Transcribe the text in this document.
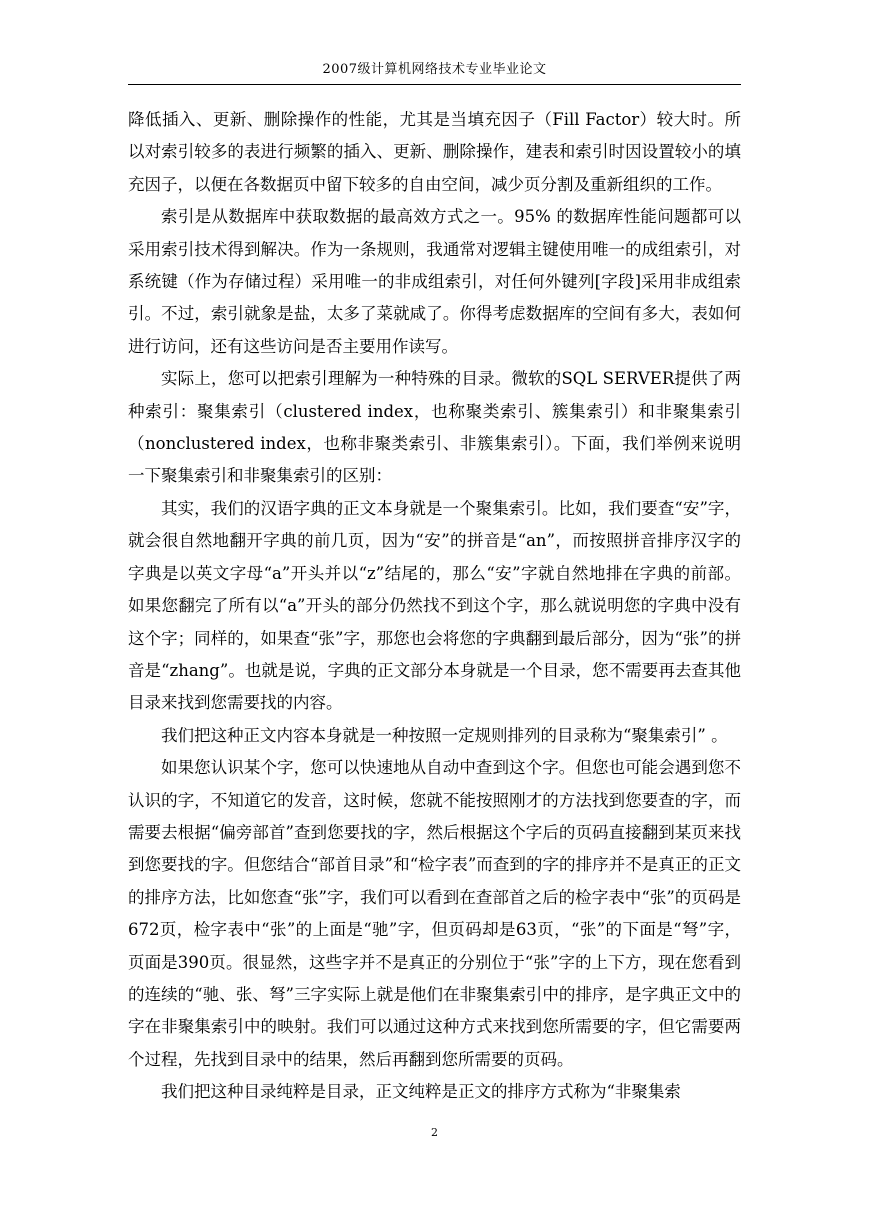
2007级计算机网络技术专业毕业论文

降低插入、更新、删除操作的性能，尤其是当填充因子（Fill Factor）较大时。所以对索引较多的表进行频繁的插入、更新、删除操作，建表和索引时因设置较小的填充因子，以便在各数据页中留下较多的自由空间，减少页分割及重新组织的工作。

索引是从数据库中获取数据的最高效方式之一。95% 的数据库性能问题都可以采用索引技术得到解决。作为一条规则，我通常对逻辑主键使用唯一的成组索引，对系统键（作为存储过程）采用唯一的非成组索引，对任何外键列[字段]采用非成组索引。不过，索引就象是盐，太多了菜就咸了。你得考虑数据库的空间有多大，表如何进行访问，还有这些访问是否主要用作读写。

实际上，您可以把索引理解为一种特殊的目录。微软的SQL SERVER提供了两种索引：聚集索引（clustered index，也称聚类索引、簇集索引）和非聚集索引（nonclustered index，也称非聚类索引、非簇集索引）。下面，我们举例来说明一下聚集索引和非聚集索引的区别：

其实，我们的汉语字典的正文本身就是一个聚集索引。比如，我们要查“安”字，就会很自然地翻开字典的前几页，因为“安”的拼音是“an”，而按照拼音排序汉字的字典是以英文字母“a”开头并以“z”结尾的，那么“安”字就自然地排在字典的前部。如果您翻完了所有以“a”开头的部分仍然找不到这个字，那么就说明您的字典中没有这个字；同样的，如果查“张”字，那您也会将您的字典翻到最后部分，因为“张”的拼音是“zhang”。也就是说，字典的正文部分本身就是一个目录，您不需要再去查其他目录来找到您需要找的内容。

我们把这种正文内容本身就是一种按照一定规则排列的目录称为“聚集索引” 。

如果您认识某个字，您可以快速地从自动中查到这个字。但您也可能会遇到您不认识的字，不知道它的发音，这时候，您就不能按照刚才的方法找到您要查的字，而需要去根据“偏旁部首”查到您要找的字，然后根据这个字后的页码直接翻到某页来找到您要找的字。但您结合“部首目录”和“检字表”而查到的字的排序并不是真正的正文的排序方法，比如您查“张”字，我们可以看到在查部首之后的检字表中“张”的页码是672页，检字表中“张”的上面是“驰”字，但页码却是63页，“张”的下面是“弩”字，页面是390页。很显然，这些字并不是真正的分别位于“张”字的上下方，现在您看到的连续的“驰、张、弩”三字实际上就是他们在非聚集索引中的排序，是字典正文中的字在非聚集索引中的映射。我们可以通过这种方式来找到您所需要的字，但它需要两个过程，先找到目录中的结果，然后再翻到您所需要的页码。

我们把这种目录纯粹是目录，正文纯粹是正文的排序方式称为“非聚集索

2
